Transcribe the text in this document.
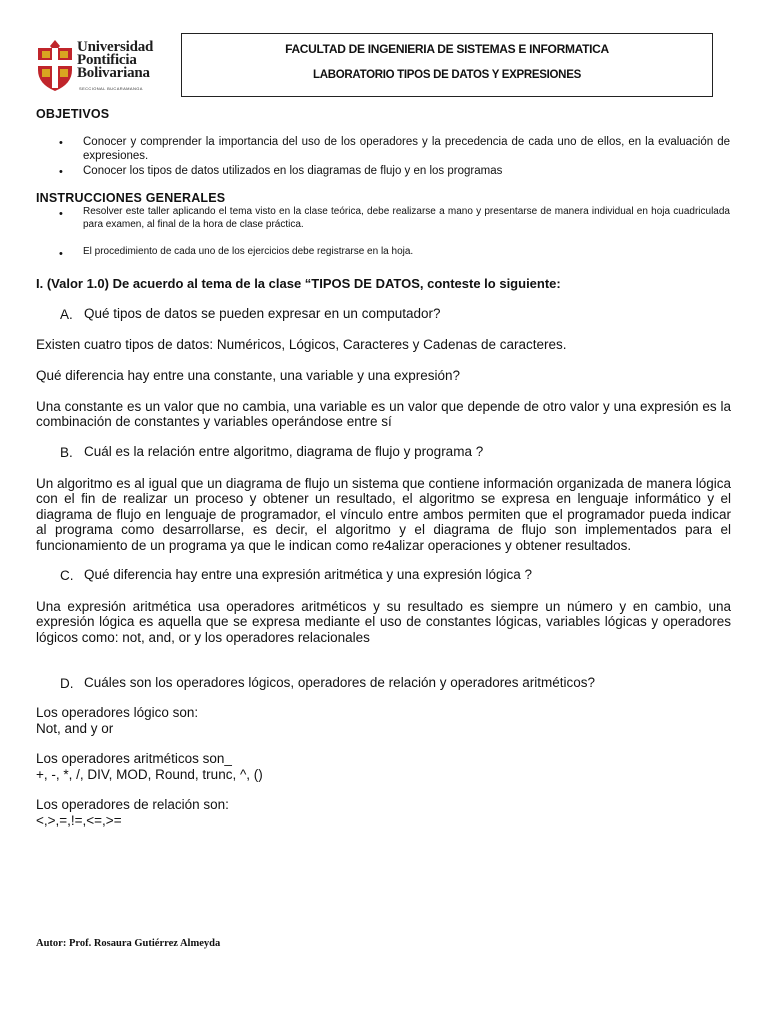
Universidad
Pontificia
Bolivariana
SECCIONAL BUCARAMANGA
FACULTAD DE INGENIERIA DE SISTEMAS E INFORMATICA
LABORATORIO TIPOS DE DATOS Y EXPRESIONES
OBJETIVOS
• Conocer y comprender la importancia del uso de los operadores y la precedencia de cada uno de ellos, en la evaluación de expresiones.
• Conocer los tipos de datos utilizados en los diagramas de flujo y en los programas
INSTRUCCIONES GENERALES
• Resolver este taller aplicando el tema visto en la clase teórica, debe realizarse a mano y presentarse de manera individual en hoja cuadriculada para examen, al final de la hora de clase práctica.
• El procedimiento de cada uno de los ejercicios debe registrarse en la hoja.
I. (Valor 1.0) De acuerdo al tema de la clase “TIPOS DE DATOS, conteste lo siguiente:
A. Qué tipos de datos se pueden expresar en un computador?
Existen cuatro tipos de datos: Numéricos, Lógicos, Caracteres y Cadenas de caracteres.
Qué diferencia hay entre una constante, una variable y una expresión?
Una constante es un valor que no cambia, una variable es un valor que depende de otro valor y una expresión es la combinación de constantes y variables operándose entre sí
B. Cuál es la relación entre algoritmo, diagrama de flujo y programa ?
Un algoritmo es al igual que un diagrama de flujo un sistema que contiene información organizada de manera lógica con el fin de realizar un proceso y obtener un resultado, el algoritmo se expresa en lenguaje informático y el diagrama de flujo en lenguaje de programador, el vínculo entre ambos permiten que el programador pueda indicar al programa como desarrollarse, es decir, el algoritmo y el diagrama de flujo son implementados para el funcionamiento de un programa ya que le indican como re4alizar operaciones y obtener resultados.
C. Qué diferencia hay entre una expresión aritmética y una expresión lógica ?
Una expresión aritmética usa operadores aritméticos y su resultado es siempre un número y en cambio, una expresión lógica es aquella que se expresa mediante el uso de constantes lógicas, variables lógicas y operadores lógicos como: not, and, or y los operadores relacionales
D. Cuáles son los operadores lógicos, operadores de relación y operadores aritméticos?
Los operadores lógico son:
Not, and y or
Los operadores aritméticos son_
+, -, *, /, DIV, MOD, Round, trunc, ^, ()
Los operadores de relación son:
<,>,=,!=,<=,>=
Autor: Prof. Rosaura Gutiérrez Almeyda
